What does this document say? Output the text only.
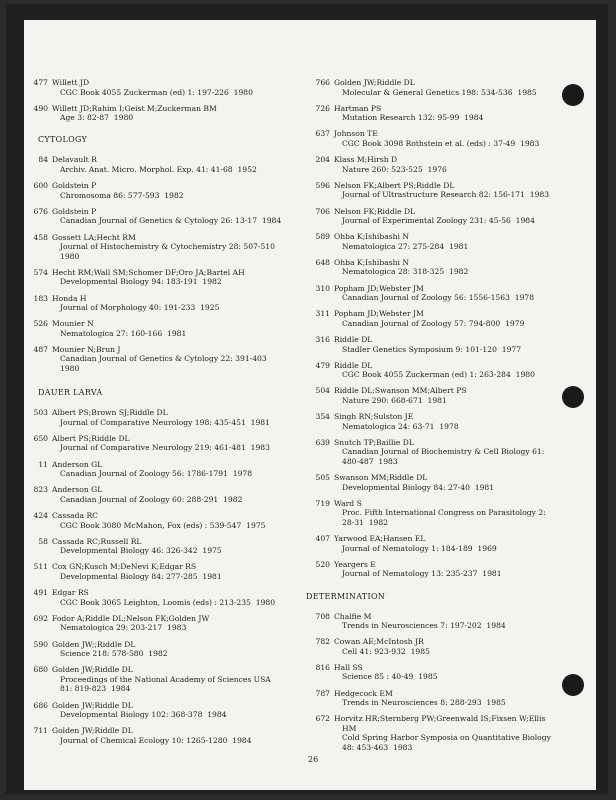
477 Willett JD
CGC Book 4055 Zuckerman (ed) 1: 197-226  1980
490 Willett JD;Rahim I;Geist M;Zuckerman BM
Age 3: 82-87  1980
CYTOLOGY
84 Delavault R
Archiv. Anat. Micro. Morphol. Exp. 41: 41-68  1952
600 Goldstein P
Chromosoma 86: 577-593  1982
676 Goldstein P
Canadian Journal of Genetics & Cytology 26: 13-17  1984
458 Gossett LA;Hecht RM
Journal of Histochemistry & Cytochemistry 28: 507-510
1980
574 Hecht RM;Wall SM;Schomer DF;Oro JA;Bartel AH
Developmental Biology 94: 183-191  1982
183 Honda H
Journal of Morphology 40: 191-233  1925
526 Mounier N
Nematologica 27: 160-166  1981
487 Mounier N;Brun J
Canadian Journal of Genetics & Cytology 22: 391-403
1980
DAUER LARVA
503 Albert PS;Brown SJ;Riddle DL
Journal of Comparative Neurology 198: 435-451  1981
650 Albert PS;Riddle DL
Journal of Comparative Neurology 219: 461-481  1983
11 Anderson GL
Canadian Journal of Zoology 56: 1786-1791  1978
823 Anderson GL
Canadian Journal of Zoology 60: 288-291  1982
424 Cassada RC
CGC Book 3080 McMahon, Fox (eds) : 539-547  1975
58 Cassada RC;Russell RL
Developmental Biology 46: 326-342  1975
511 Cox GN;Kusch M;DeNevi K;Edgar RS
Developmental Biology 84: 277-285  1981
491 Edgar RS
CGC Book 3065 Leighton, Loomis (eds) : 213-235  1980
692 Fodor A;Riddle DL;Nelson FK;Golden JW
Nematologica 29: 203-217  1983
590 Golden JW;;Riddle DL
Science 218: 578-580  1982
680 Golden JW;Riddle DL
Proceedings of the National Academy of Sciences USA
81: 819-823  1984
686 Golden JW;Riddle DL
Developmental Biology 102: 368-378  1984
711 Golden JW;Riddle DL
Journal of Chemical Ecology 10: 1265-1280  1984
766 Golden JW;Riddle DL
Molecular & General Genetics 198: 534-536  1985
726 Hartman PS
Mutation Research 132: 95-99  1984
637 Johnson TE
CGC Book 3098 Rothstein et al. (eds) : 37-49  1983
204 Klass M;Hirsh D
Nature 260: 523-525  1976
596 Nelson FK;Albert PS;Riddle DL
Journal of Ultrastructure Research 82: 156-171  1983
706 Nelson FK;Riddle DL
Journal of Experimental Zoology 231: 45-56  1984
589 Ohba K;Ishibashi N
Nematologica 27: 275-284  1981
648 Ohba K;Ishibashi N
Nematologica 28: 318-325  1982
310 Popham JD;Webster JM
Canadian Journal of Zoology 56: 1556-1563  1978
311 Popham JD;Webster JM
Canadian Journal of Zoology 57: 794-800  1979
316 Riddle DL
Stadler Genetics Symposium 9: 101-120  1977
479 Riddle DL
CGC Book 4055 Zuckerman (ed) 1: 263-284  1980
504 Riddle DL;Swanson MM;Albert PS
Nature 290: 668-671  1981
354 Singh RN;Sulston JE
Nematologica 24: 63-71  1978
639 Snutch TP;Baillie DL
Canadian Journal of Biochemistry & Cell Biology 61:
480-487  1983
505 Swanson MM;Riddle DL
Developmental Biology 84: 27-40  1981
719 Ward S
Proc. Fifth International Congress on Parasitology 2:
28-31  1982
407 Yarwood EA;Hansen EL
Journal of Nematology 1: 184-189  1969
520 Yeargers E
Journal of Nematology 13: 235-237  1981
DETERMINATION
708 Chalfie M
Trends in Neurosciences 7: 197-202  1984
782 Cowan AE;McIntosh JR
Cell 41: 923-932  1985
816 Hall SS
Science 85 : 40-49  1985
787 Hedgecock EM
Trends in Neurosciences 8: 288-293  1985
672 Horvitz HR;Sternberg PW;Greenwald IS;Fixsen W;Ellis
HM
Cold Spring Harbor Symposia on Quantitative Biology
48: 453-463  1983
26
